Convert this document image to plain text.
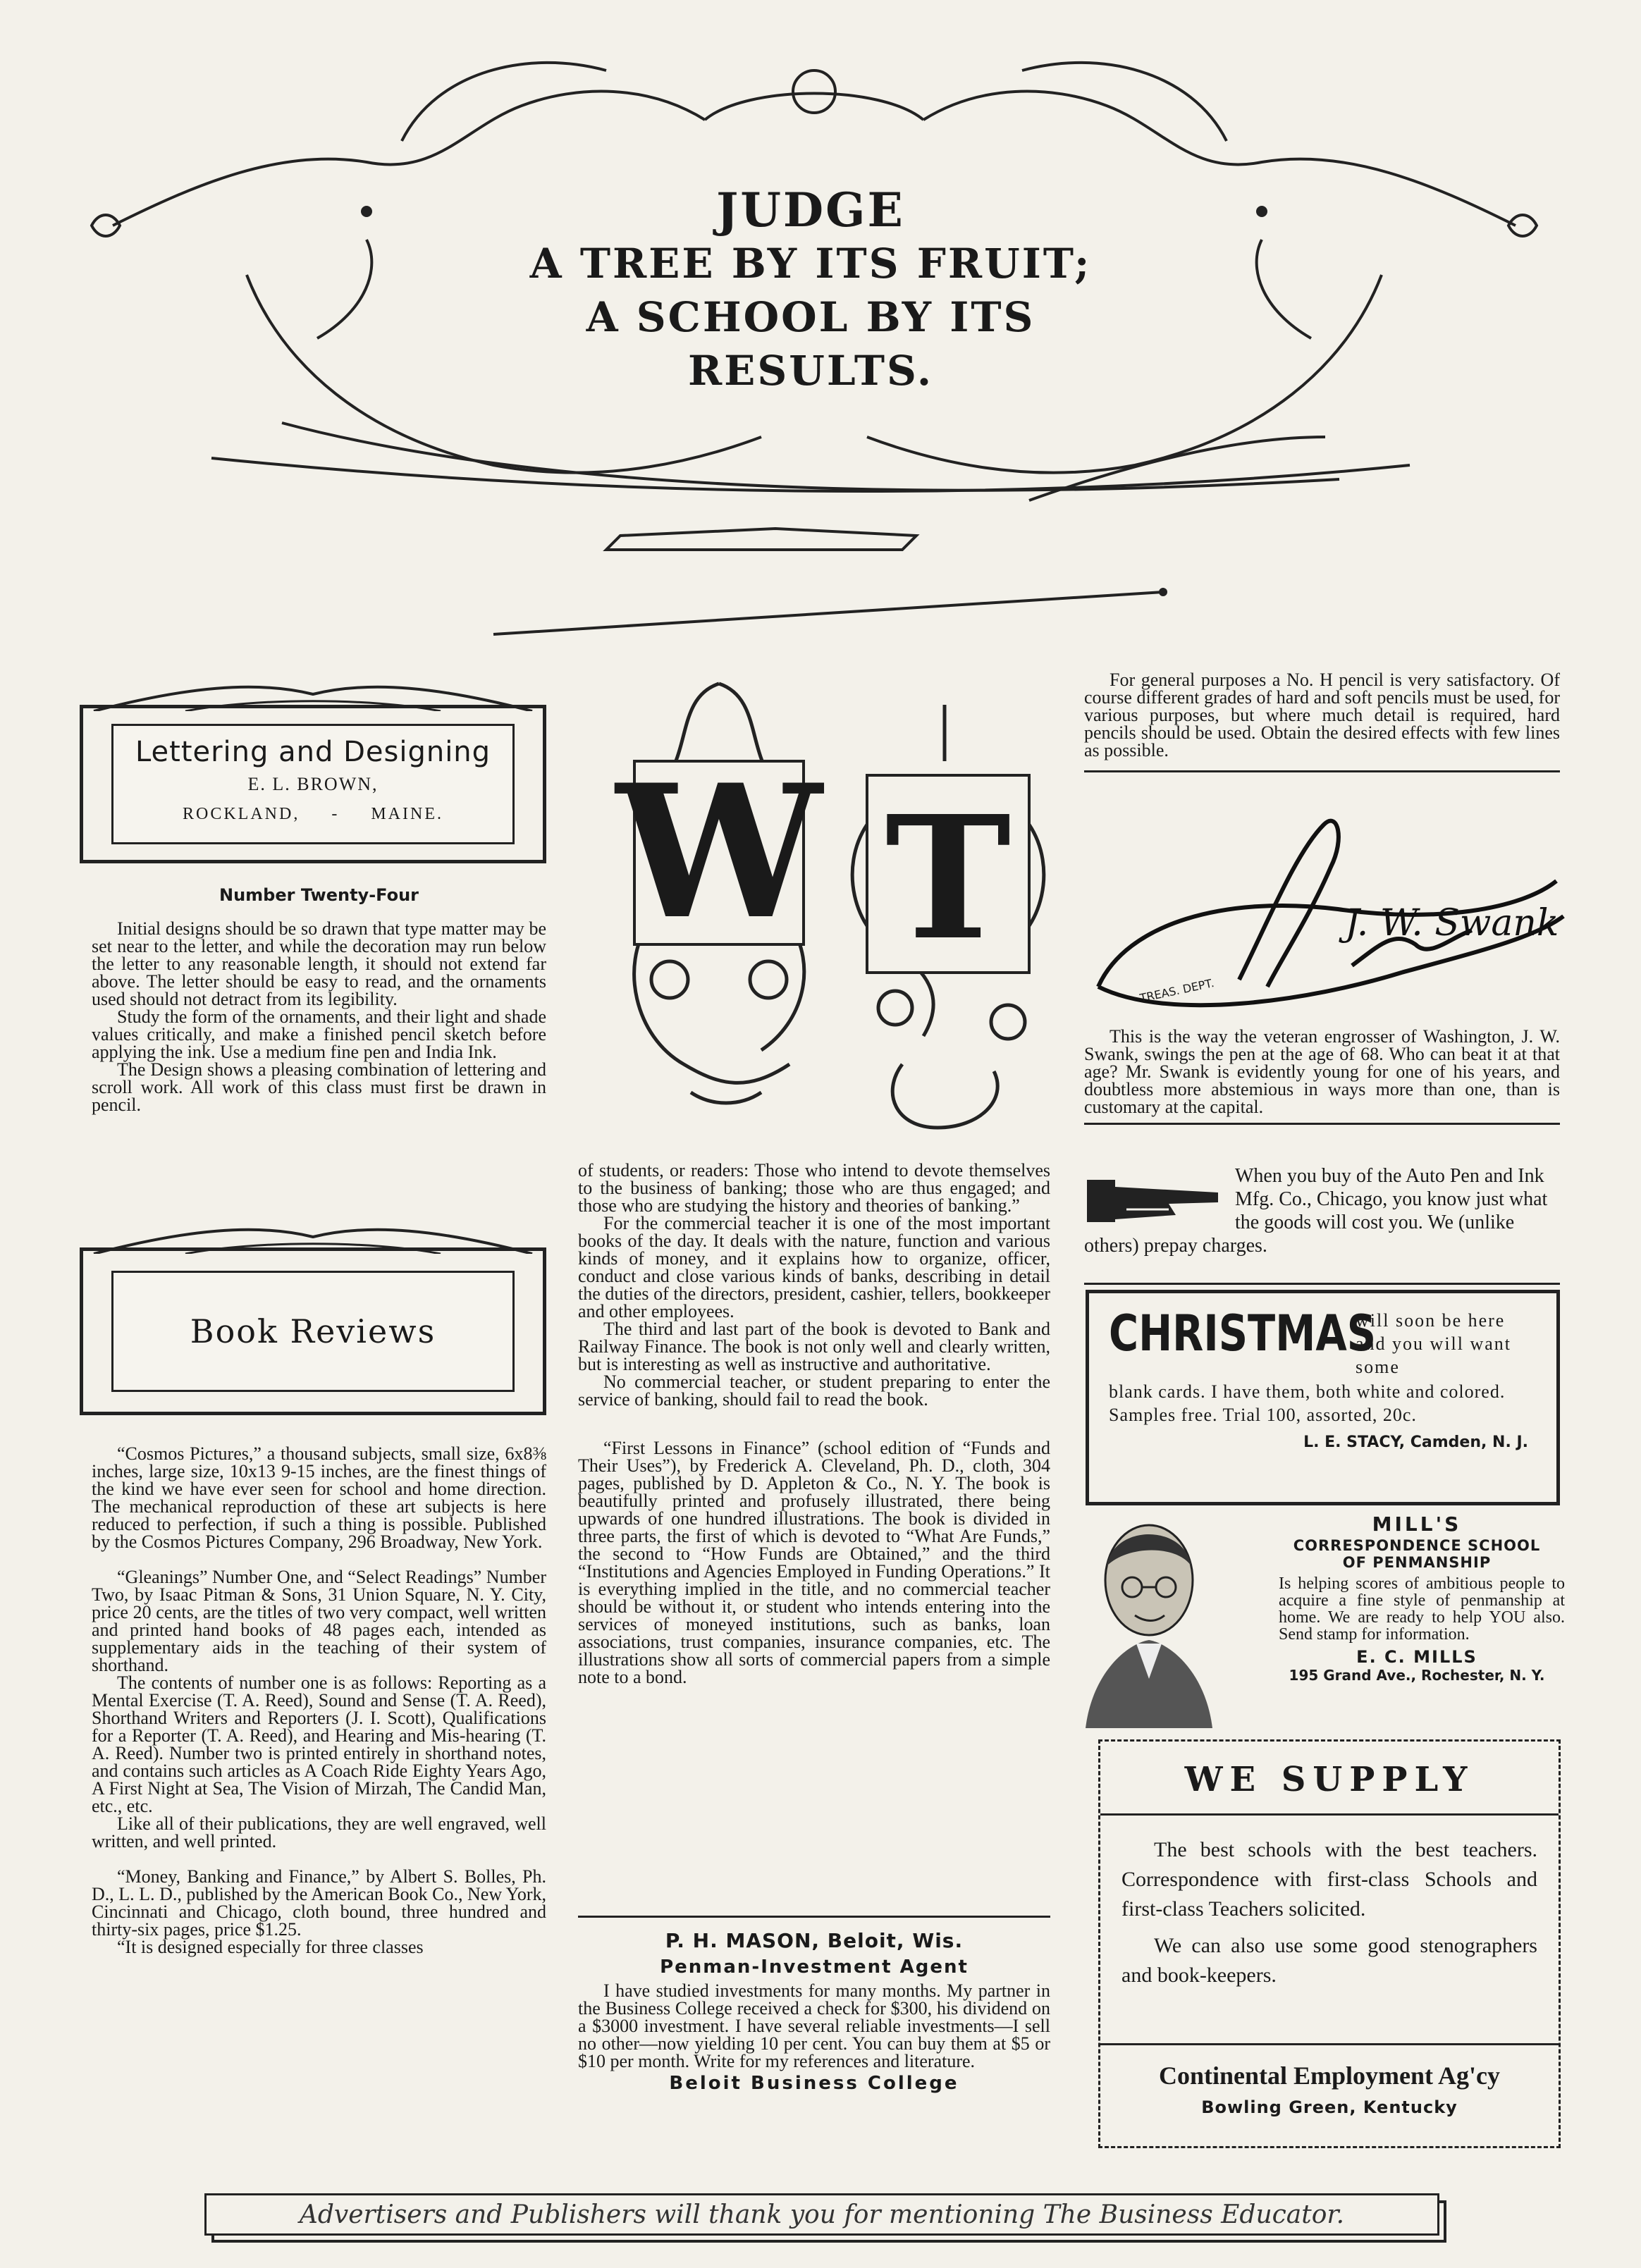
JUDGE
A TREE BY ITS FRUIT;
A SCHOOL BY ITS
RESULTS.
Lettering and Designing
E. L. BROWN,
ROCKLAND, - MAINE.
Number Twenty-Four

Initial designs should be so drawn that type matter may be set near to the letter, and while the decoration may run below the letter to any reasonable length, it should not extend far above. The letter should be easy to read, and the ornaments used should not detract from its legibility.

Study the form of the ornaments, and their light and shade values critically, and make a finished pencil sketch before applying the ink. Use a medium fine pen and India Ink.

The Design shows a pleasing combination of lettering and scroll work. All work of this class must first be drawn in pencil.

Book Reviews

“Cosmos Pictures,” a thousand subjects, small size, 6x8⅜ inches, large size, 10x13 9-15 inches, are the finest things of the kind we have ever seen for school and home direction. The mechanical reproduction of these art subjects is here reduced to perfection, if such a thing is possible. Published by the Cosmos Pictures Company, 296 Broadway, New York.

“Gleanings” Number One, and “Select Readings” Number Two, by Isaac Pitman & Sons, 31 Union Square, N. Y. City, price 20 cents, are the titles of two very compact, well written and printed hand books of 48 pages each, intended as supplementary aids in the teaching of their system of shorthand.

The contents of number one is as follows: Reporting as a Mental Exercise (T. A. Reed), Sound and Sense (T. A. Reed), Shorthand Writers and Reporters (J. I. Scott), Qualifications for a Reporter (T. A. Reed), and Hearing and Mis-hearing (T. A. Reed). Number two is printed entirely in shorthand notes, and contains such articles as A Coach Ride Eighty Years Ago, A First Night at Sea, The Vision of Mirzah, The Candid Man, etc., etc.

Like all of their publications, they are well engraved, well written, and well printed.

“Money, Banking and Finance,” by Albert S. Bolles, Ph. D., L. L. D., published by the American Book Co., New York, Cincinnati and Chicago, cloth bound, three hundred and thirty-six pages, price $1.25.

“It is designed especially for three classes

W T

of students, or readers: Those who intend to devote themselves to the business of banking; those who are thus engaged; and those who are studying the history and theories of banking.”

For the commercial teacher it is one of the most important books of the day. It deals with the nature, function and various kinds of money, and it explains how to organize, officer, conduct and close various kinds of banks, describing in detail the duties of the directors, president, cashier, tellers, bookkeeper and other employees.

The third and last part of the book is devoted to Bank and Railway Finance. The book is not only well and clearly written, but is interesting as well as instructive and authoritative.

No commercial teacher, or student preparing to enter the service of banking, should fail to read the book.

“First Lessons in Finance” (school edition of “Funds and Their Uses”), by Frederick A. Cleveland, Ph. D., cloth, 304 pages, published by D. Appleton & Co., N. Y. The book is beautifully printed and profusely illustrated, there being upwards of one hundred illustrations. The book is divided in three parts, the first of which is devoted to “What Are Funds,” the second to “How Funds are Obtained,” and the third “Institutions and Agencies Employed in Funding Operations.” It is everything implied in the title, and no commercial teacher should be without it, or student who intends entering into the services of moneyed institutions, such as banks, loan associations, trust companies, insurance companies, etc. The illustrations show all sorts of commercial papers from a simple note to a bond.

P. H. MASON, Beloit, Wis.
Penman-Investment Agent

I have studied investments for many months. My partner in the Business College received a check for $300, his dividend on a $3000 investment. I have several reliable investments—I sell no other—now yielding 10 per cent. You can buy them at $5 or $10 per month. Write for my references and literature.

Beloit Business College

For general purposes a No. H pencil is very satisfactory. Of course different grades of hard and soft pencils must be used, for various purposes, but where much detail is required, hard pencils should be used. Obtain the desired effects with few lines as possible.

J. W. Swank
TREAS. DEPT.

This is the way the veteran engrosser of Washington, J. W. Swank, swings the pen at the age of 68. Who can beat it at that age? Mr. Swank is evidently young for one of his years, and doubtless more abstemious in ways more than one, than is customary at the capital.

When you buy of the Auto Pen and Ink Mfg. Co., Chicago, you know just what the goods will cost you. We (unlike others) prepay charges.
CHRISTMAS
will soon be here and you will want some
blank cards. I have them, both white and colored. Samples free. Trial 100, assorted, 20c.
L. E. STACY, Camden, N. J.
MILL'S
CORRESPONDENCE SCHOOL
OF PENMANSHIP
Is helping scores of ambitious people to acquire a fine style of penmanship at home. We are ready to help YOU also. Send stamp for information.
E. C. MILLS
195 Grand Ave., Rochester, N. Y.
WE SUPPLY
The best schools with the best teachers. Correspondence with first-class Schools and first-class Teachers solicited.
We can also use some good stenographers and book-keepers.
Continental Employment Ag'cy
Bowling Green, Kentucky
Advertisers and Publishers will thank you for mentioning The Business Educator.
